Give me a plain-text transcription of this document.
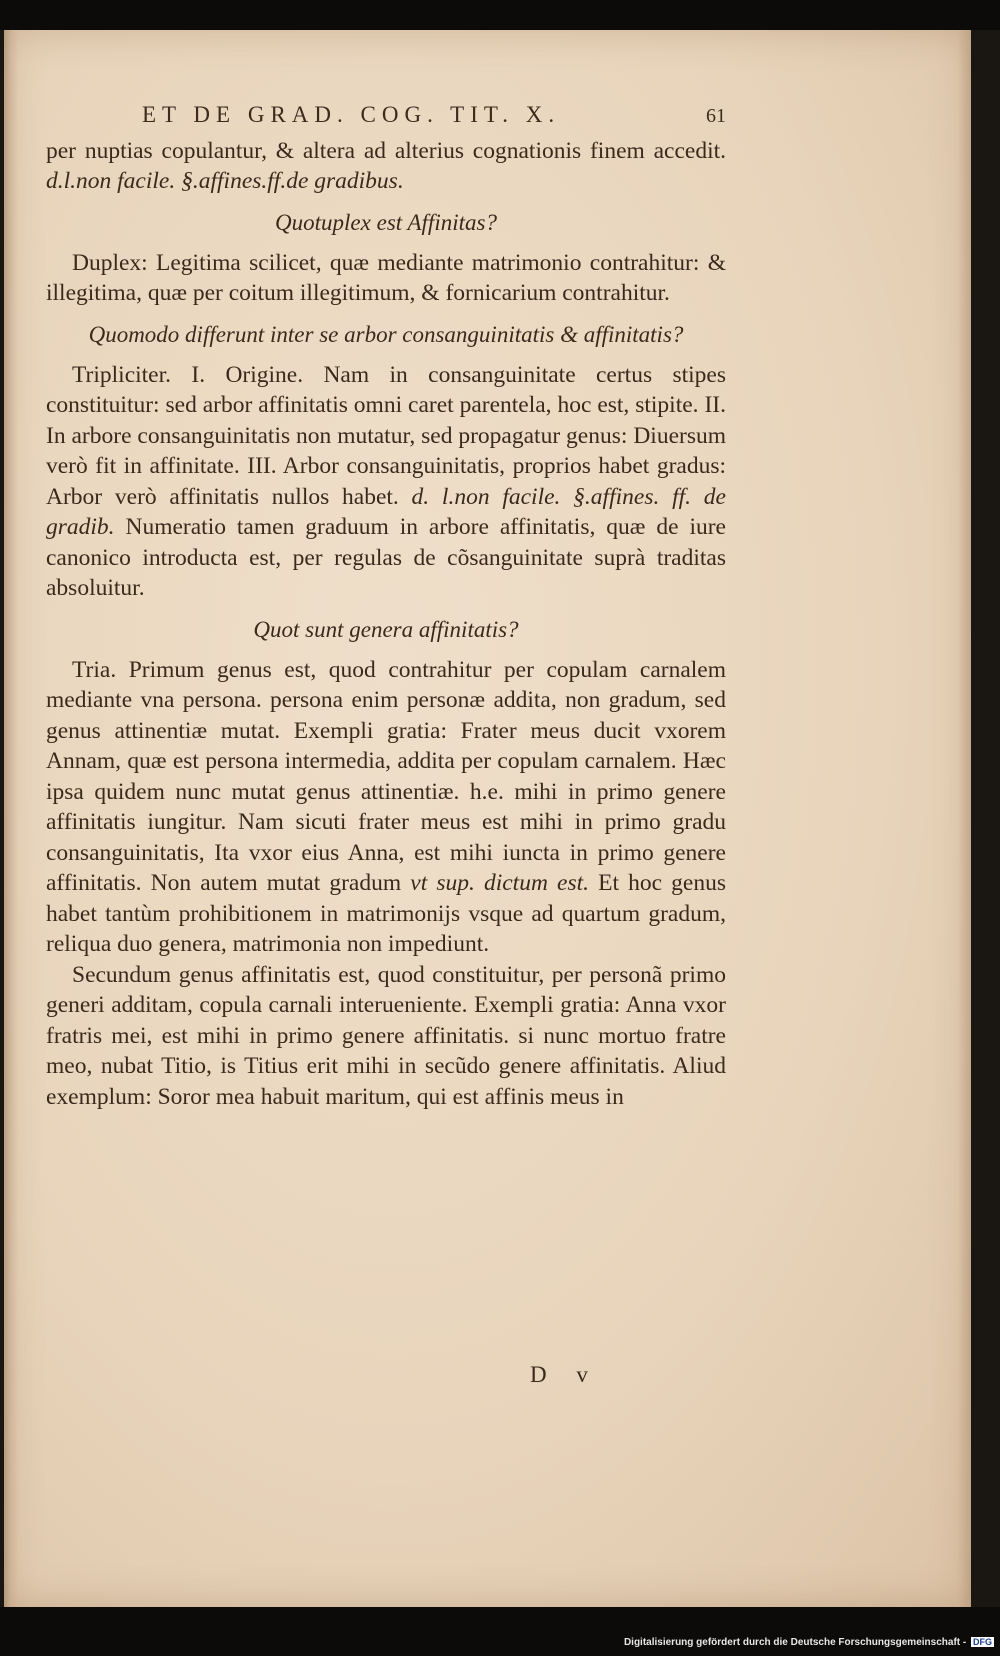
ET DE GRAD. COG. TIT. X.	61

per nuptias copulantur, & altera ad alterius cognationis finem accedit. d.l.non facile. §.affines.ff.de gradibus.

Quotuplex est Affinitas?

Duplex: Legitima scilicet, quæ mediante matrimonio contrahitur: & illegitima, quæ per coitum illegitimum, & fornicarium contrahitur.

Quomodo differunt inter se arbor consanguinitatis & affinitatis?

Tripliciter. I. Origine. Nam in consanguinitate certus stipes constituitur: sed arbor affinitatis omni caret parentela, hoc est, stipite. II. In arbore consanguinitatis non mutatur, sed propagatur genus: Diuersum verò fit in affinitate. III. Arbor consanguinitatis, proprios habet gradus: Arbor verò affinitatis nullos habet. d. l.non facile. §.affines. ff. de gradib. Numeratio tamen graduum in arbore affinitatis, quæ de iure canonico introducta est, per regulas de cõsanguinitate suprà traditas absoluitur.

Quot sunt genera affinitatis?

Tria. Primum genus est, quod contrahitur per copulam carnalem mediante vna persona. persona enim personæ addita, non gradum, sed genus attinentiæ mutat. Exempli gratia: Frater meus ducit vxorem Annam, quæ est persona intermedia, addita per copulam carnalem. Hæc ipsa quidem nunc mutat genus attinentiæ. h.e. mihi in primo genere affinitatis iungitur. Nam sicuti frater meus est mihi in primo gradu consanguinitatis, Ita vxor eius Anna, est mihi iuncta in primo genere affinitatis. Non autem mutat gradum vt sup. dictum est. Et hoc genus habet tantùm prohibitionem in matrimonijs vsque ad quartum gradum, reliqua duo genera, matrimonia non impediunt.

Secundum genus affinitatis est, quod constituitur, per personã primo generi additam, copula carnali interueniente. Exempli gratia: Anna vxor fratris mei, est mihi in primo genere affinitatis. si nunc mortuo fratre meo, nubat Titio, is Titius erit mihi in secũdo genere affinitatis. Aliud exemplum: Soror mea habuit maritum, qui est affinis meus in

D v
Digitalisierung gefördert durch die Deutsche Forschungsgemeinschaft - DFG
